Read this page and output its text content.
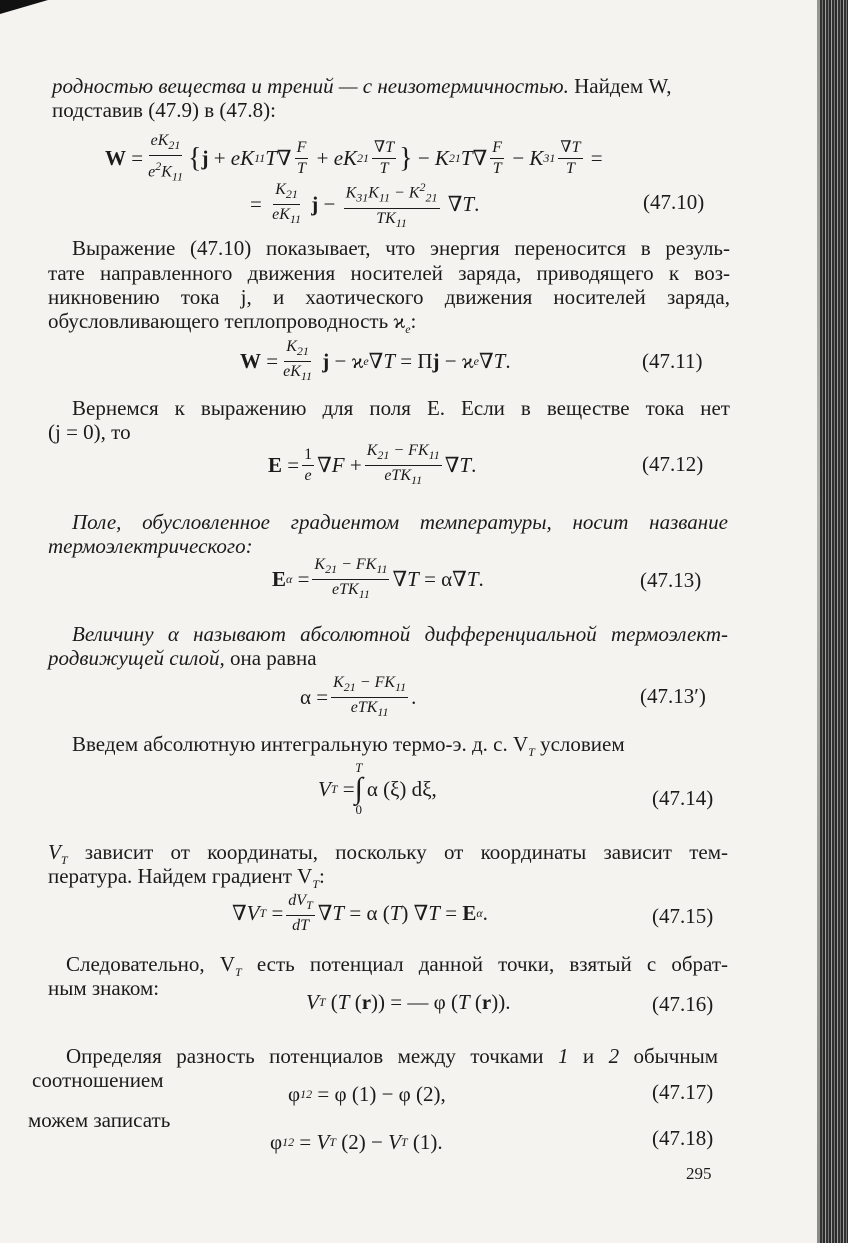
родностью вещества и трений — с неизотермичностью. Найдем W,
подставив (47.9) в (47.8):
$W = \frac{eK_{21}}{e^2K_{11}}$ { j + eK 11 T ∇ $\frac{F}{T}$ + eK $21 \frac{\nabla T}{T}$ } − K 21 T ∇ $\frac{F}{T} - K$ $31 \frac{\nabla T}{T}$ =
= $\frac{K_{21}}{eK_{11}}$ $j - \frac{K_{31}K_{11} - K^2_{21}}{TK_{11}}$ ∇ T .	(47.10)
Выражение (47.10) показывает, что энергия переносится в резуль-
тате направленного движения носителей заряда, приводящего к воз-
никновению тока j, и хаотического движения носителей заряда,
обусловливающего теплопроводность $ϰ_e$:
$W = \frac{K_{21}}{eK_{11}}$ j − ϰ e ∇ T = Π j − ϰ e ∇ T .	(47.11)
Вернемся к выражению для поля E. Если в веществе тока нет
(j = 0), то
$E = \frac{1}{e}$ ∇ $F + \frac{K_{21} - FK_{11}}{eTK_{11}}$ ∇ T .	(47.12)
Поле, обусловленное градиентом температуры, носит название
термоэлектрического:
E $\alpha = \frac{K_{21} - FK_{11}}{eTK_{11}}$ ∇ T = α∇ T .	(47.13)
Величину α называют абсолютной дифференциальной термоэлект-
родвижущей силой, она равна
$\alpha = \frac{K_{21} - FK_{11}}{eTK_{11}}$ .	(47.13′)
Введем абсолютную интегральную термо-э. д. с. $V_T$ условием
V T =
T
∫
0
α (ξ) d ξ,	(47.14)
$V_T$ зависит от координаты, поскольку от координаты зависит тем-
пература. Найдем градиент $V_T$:
∇ V $T = \frac{dV_T}{dT}$ ∇ T = α ( T ) ∇ T = E α .	(47.15)
Следовательно, $V_T$ есть потенциал данной точки, взятый с обрат-
ным знаком:
V T ( T ( r )) = — φ ( T ( r )).	(47.16)
Определяя разность потенциалов между точками 1 и 2 обычным
соотношением
φ 12 = φ (1) − φ (2),	(47.17)
можем записать
φ 12 = V T (2) − V T (1).	(47.18)
295
